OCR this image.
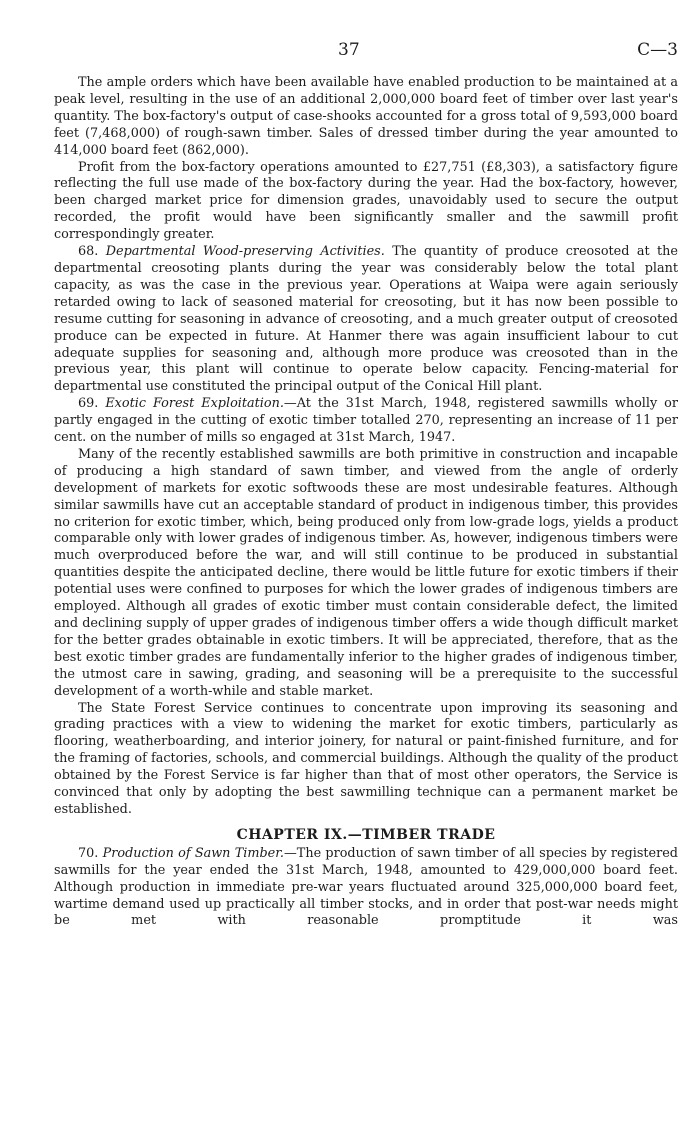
37	C—3

The ample orders which have been available have enabled production to be maintained at a peak level, resulting in the use of an additional 2,000,000 board feet of timber over last year's quantity. The box-factory's output of case-shooks accounted for a gross total of 9,593,000 board feet (7,468,000) of rough-sawn timber. Sales of dressed timber during the year amounted to 414,000 board feet (862,000).

Profit from the box-factory operations amounted to £27,751 (£8,303), a satisfactory figure reflecting the full use made of the box-factory during the year. Had the box-factory, however, been charged market price for dimension grades, unavoidably used to secure the output recorded, the profit would have been significantly smaller and the sawmill profit correspondingly greater.

68. Departmental Wood-preserving Activities. The quantity of produce creosoted at the departmental creosoting plants during the year was considerably below the total plant capacity, as was the case in the previous year. Operations at Waipa were again seriously retarded owing to lack of seasoned material for creosoting, but it has now been possible to resume cutting for seasoning in advance of creosoting, and a much greater output of creosoted produce can be expected in future. At Hanmer there was again insufficient labour to cut adequate supplies for seasoning and, although more produce was creosoted than in the previous year, this plant will continue to operate below capacity. Fencing-material for departmental use constituted the principal output of the Conical Hill plant.

69. Exotic Forest Exploitation.—At the 31st March, 1948, registered sawmills wholly or partly engaged in the cutting of exotic timber totalled 270, representing an increase of 11 per cent. on the number of mills so engaged at 31st March, 1947.

Many of the recently established sawmills are both primitive in construction and incapable of producing a high standard of sawn timber, and viewed from the angle of orderly development of markets for exotic softwoods these are most undesirable features. Although similar sawmills have cut an acceptable standard of product in indigenous timber, this provides no criterion for exotic timber, which, being produced only from low-grade logs, yields a product comparable only with lower grades of indigenous timber. As, however, indigenous timbers were much overproduced before the war, and will still continue to be produced in substantial quantities despite the anticipated decline, there would be little future for exotic timbers if their potential uses were confined to purposes for which the lower grades of indigenous timbers are employed. Although all grades of exotic timber must contain considerable defect, the limited and declining supply of upper grades of indigenous timber offers a wide though difficult market for the better grades obtainable in exotic timbers. It will be appreciated, therefore, that as the best exotic timber grades are fundamentally inferior to the higher grades of indigenous timber, the utmost care in sawing, grading, and seasoning will be a prerequisite to the successful development of a worth-while and stable market.

The State Forest Service continues to concentrate upon improving its seasoning and grading practices with a view to widening the market for exotic timbers, particularly as flooring, weatherboarding, and interior joinery, for natural or paint-finished furniture, and for the framing of factories, schools, and commercial buildings. Although the quality of the product obtained by the Forest Service is far higher than that of most other operators, the Service is convinced that only by adopting the best sawmilling technique can a permanent market be established.

CHAPTER IX.—TIMBER TRADE

70. Production of Sawn Timber.—The production of sawn timber of all species by registered sawmills for the year ended the 31st March, 1948, amounted to 429,000,000 board feet. Although production in immediate pre-war years fluctuated around 325,000,000 board feet, wartime demand used up practically all timber stocks, and in order that post-war needs might be met with reasonable promptitude it was
